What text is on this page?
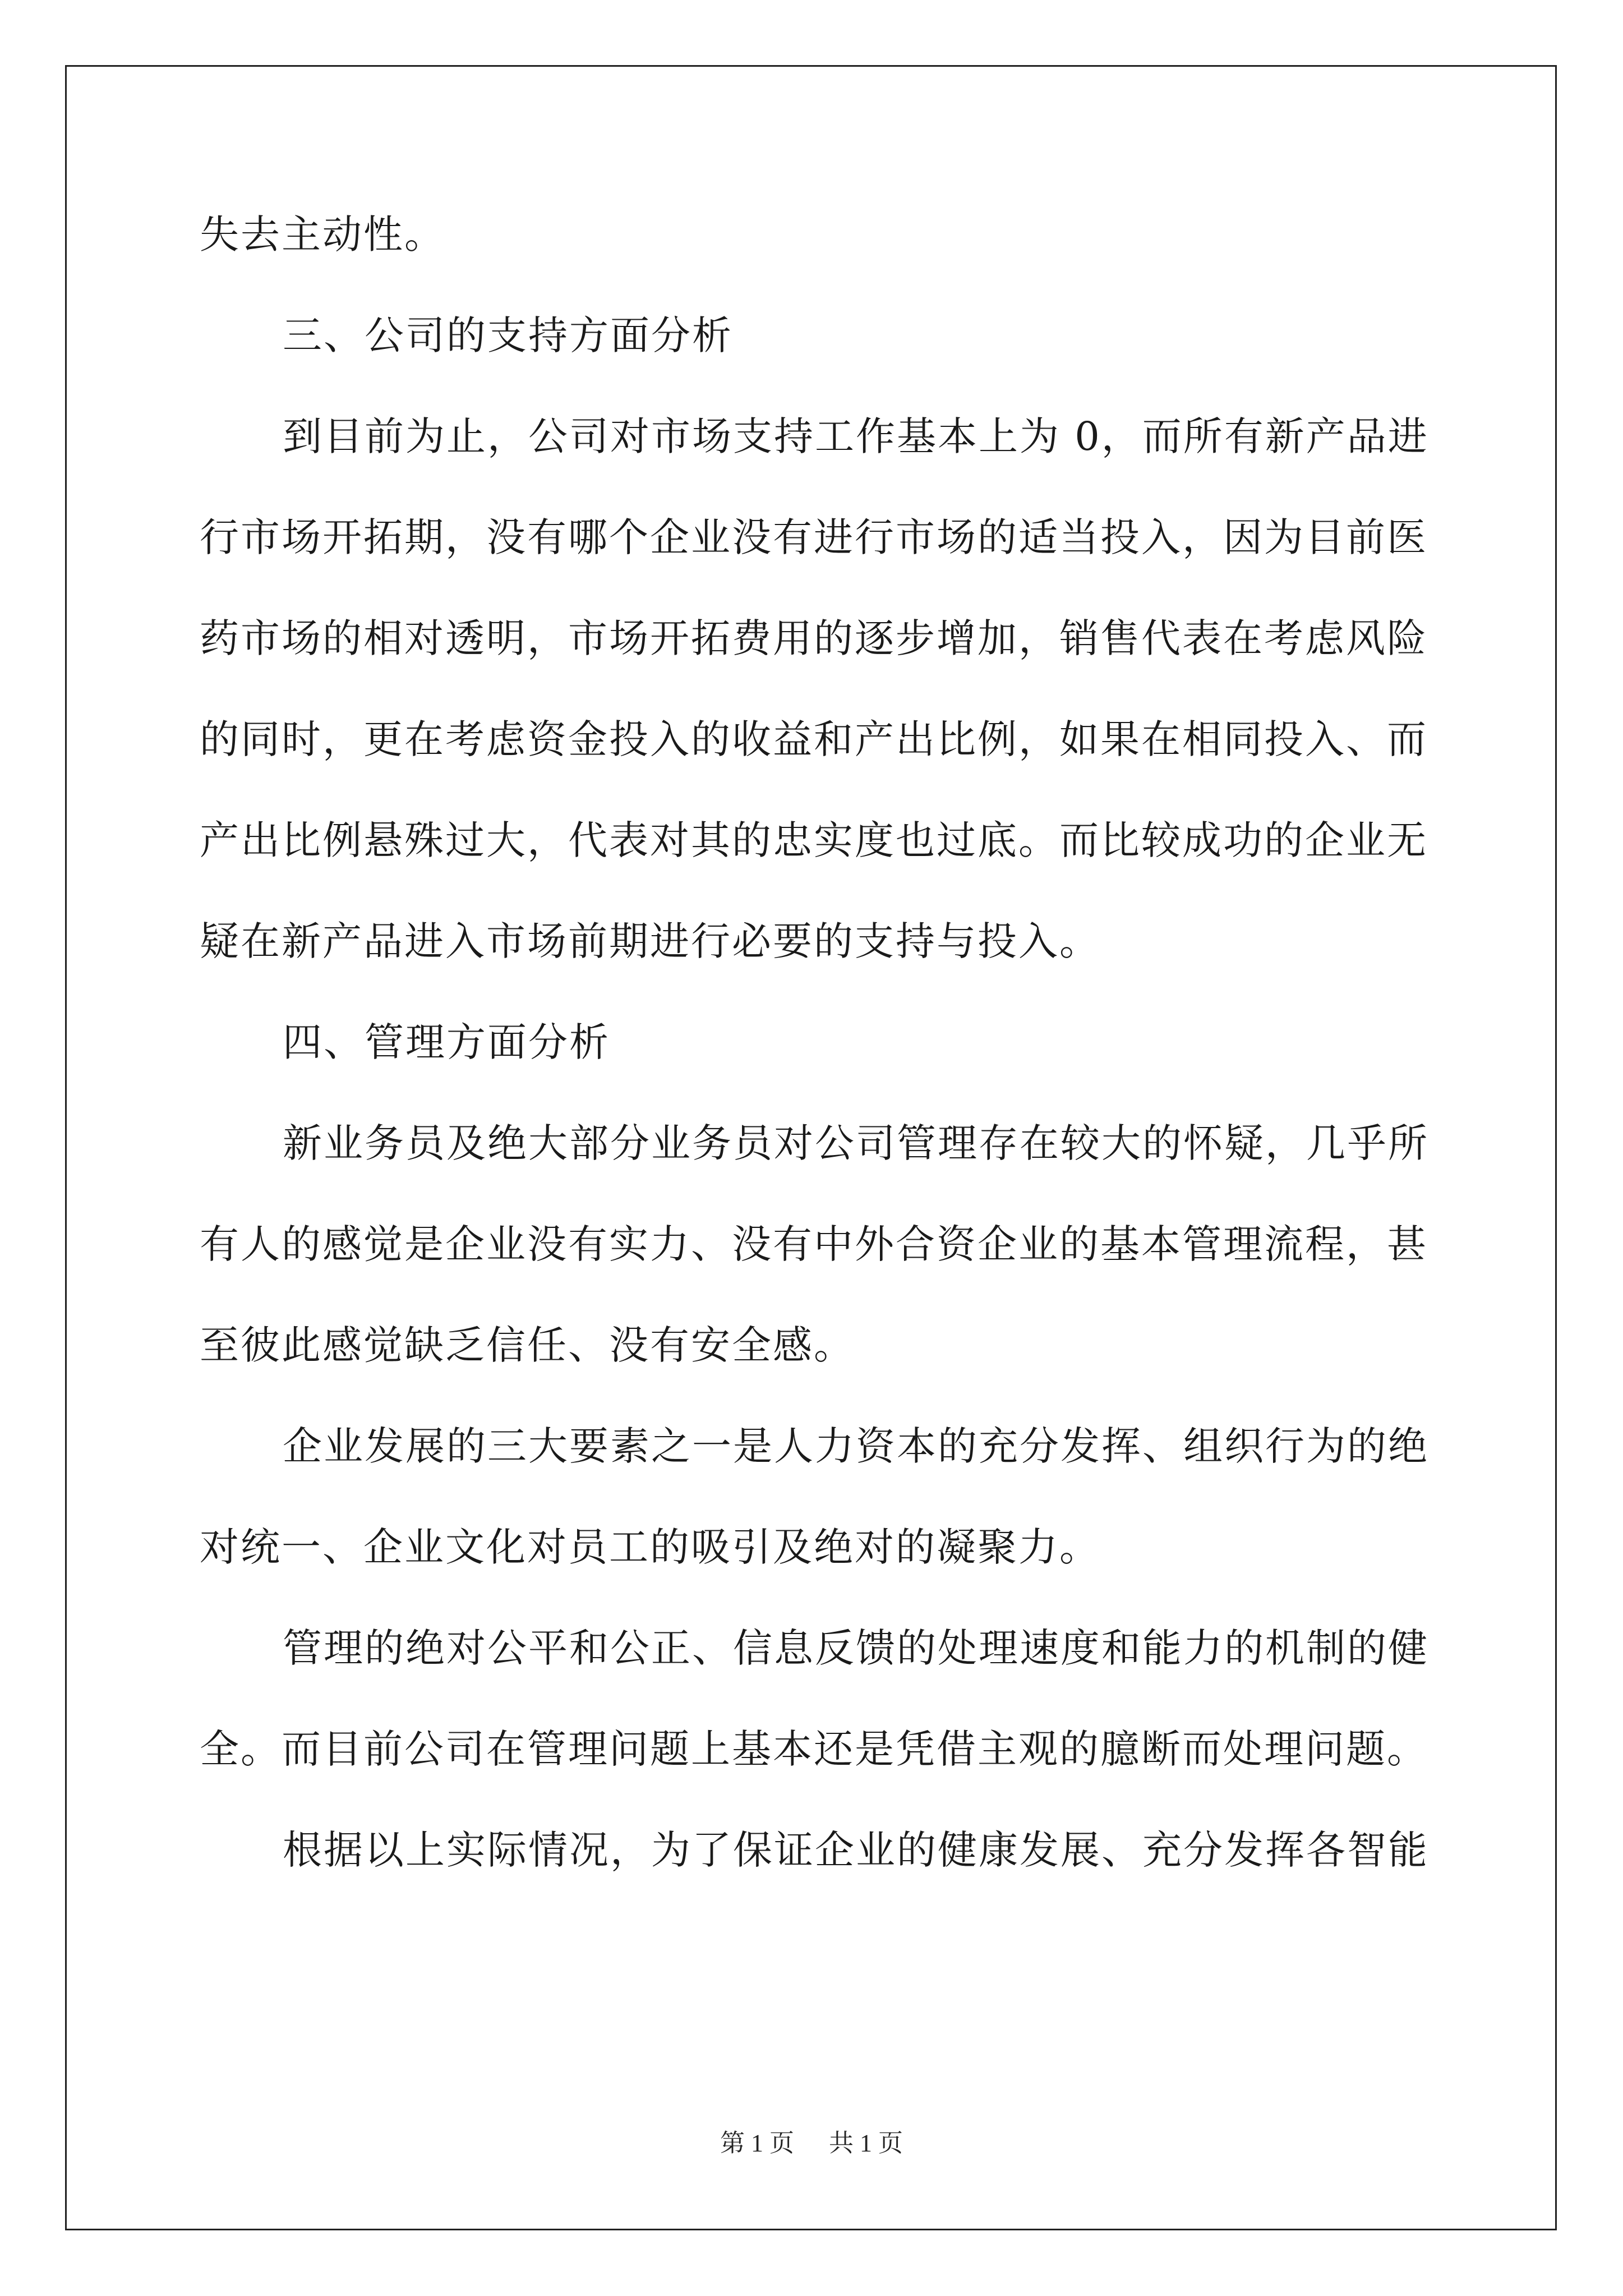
失去主动性。
三、公司的支持方面分析
到目前为止，公司对市场支持工作基本上为 0，而所有新产品进
行市场开拓期，没有哪个企业没有进行市场的适当投入，因为目前医
药市场的相对透明，市场开拓费用的逐步增加，销售代表在考虑风险
的同时，更在考虑资金投入的收益和产出比例，如果在相同投入、而
产出比例悬殊过大，代表对其的忠实度也过底。而比较成功的企业无
疑在新产品进入市场前期进行必要的支持与投入。
四、管理方面分析
新业务员及绝大部分业务员对公司管理存在较大的怀疑，几乎所
有人的感觉是企业没有实力、没有中外合资企业的基本管理流程，甚
至彼此感觉缺乏信任、没有安全感。
企业发展的三大要素之一是人力资本的充分发挥、组织行为的绝
对统一、企业文化对员工的吸引及绝对的凝聚力。
管理的绝对公平和公正、信息反馈的处理速度和能力的机制的健
全。而目前公司在管理问题上基本还是凭借主观的臆断而处理问题。
根据以上实际情况，为了保证企业的健康发展、充分发挥各智能
第 1 页 共 1 页
